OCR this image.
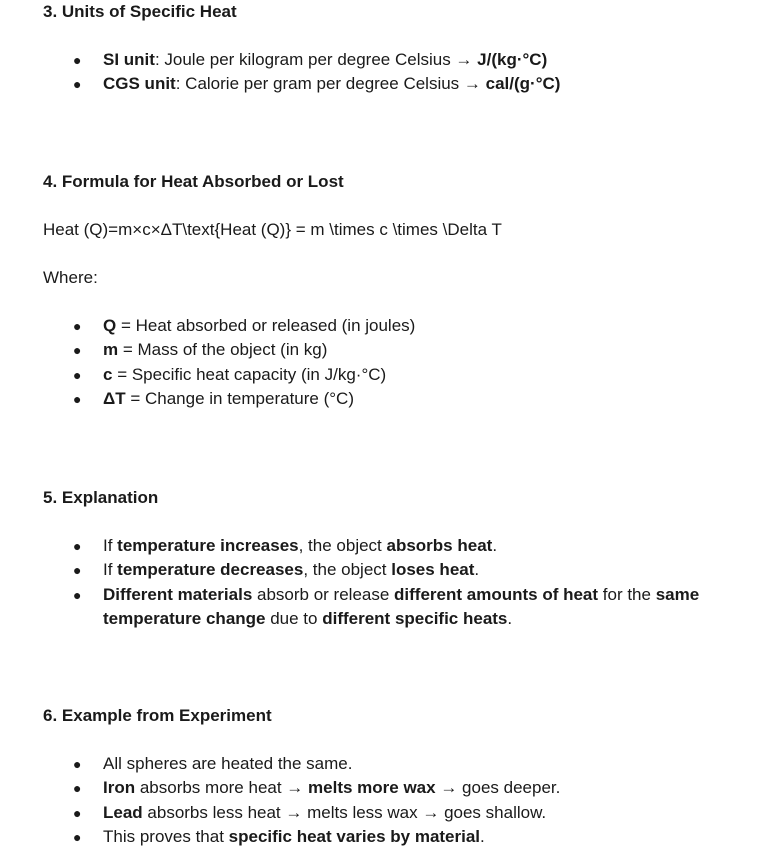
3. Units of Specific Heat
● SI unit: Joule per kilogram per degree Celsius → J/(kg·°C)
● CGS unit: Calorie per gram per degree Celsius → cal/(g·°C)
4. Formula for Heat Absorbed or Lost
Heat (Q)=m×c×ΔT\text{Heat (Q)} = m \times c \times \Delta T
Where:
● Q = Heat absorbed or released (in joules)
● m = Mass of the object (in kg)
● c = Specific heat capacity (in J/kg·°C)
● ΔT = Change in temperature (°C)
5. Explanation
● If temperature increases, the object absorbs heat.
● If temperature decreases, the object loses heat.
● Different materials absorb or release different amounts of heat for the same temperature change due to different specific heats.
6. Example from Experiment
● All spheres are heated the same.
● Iron absorbs more heat → melts more wax → goes deeper.
● Lead absorbs less heat → melts less wax → goes shallow.
● This proves that specific heat varies by material.
